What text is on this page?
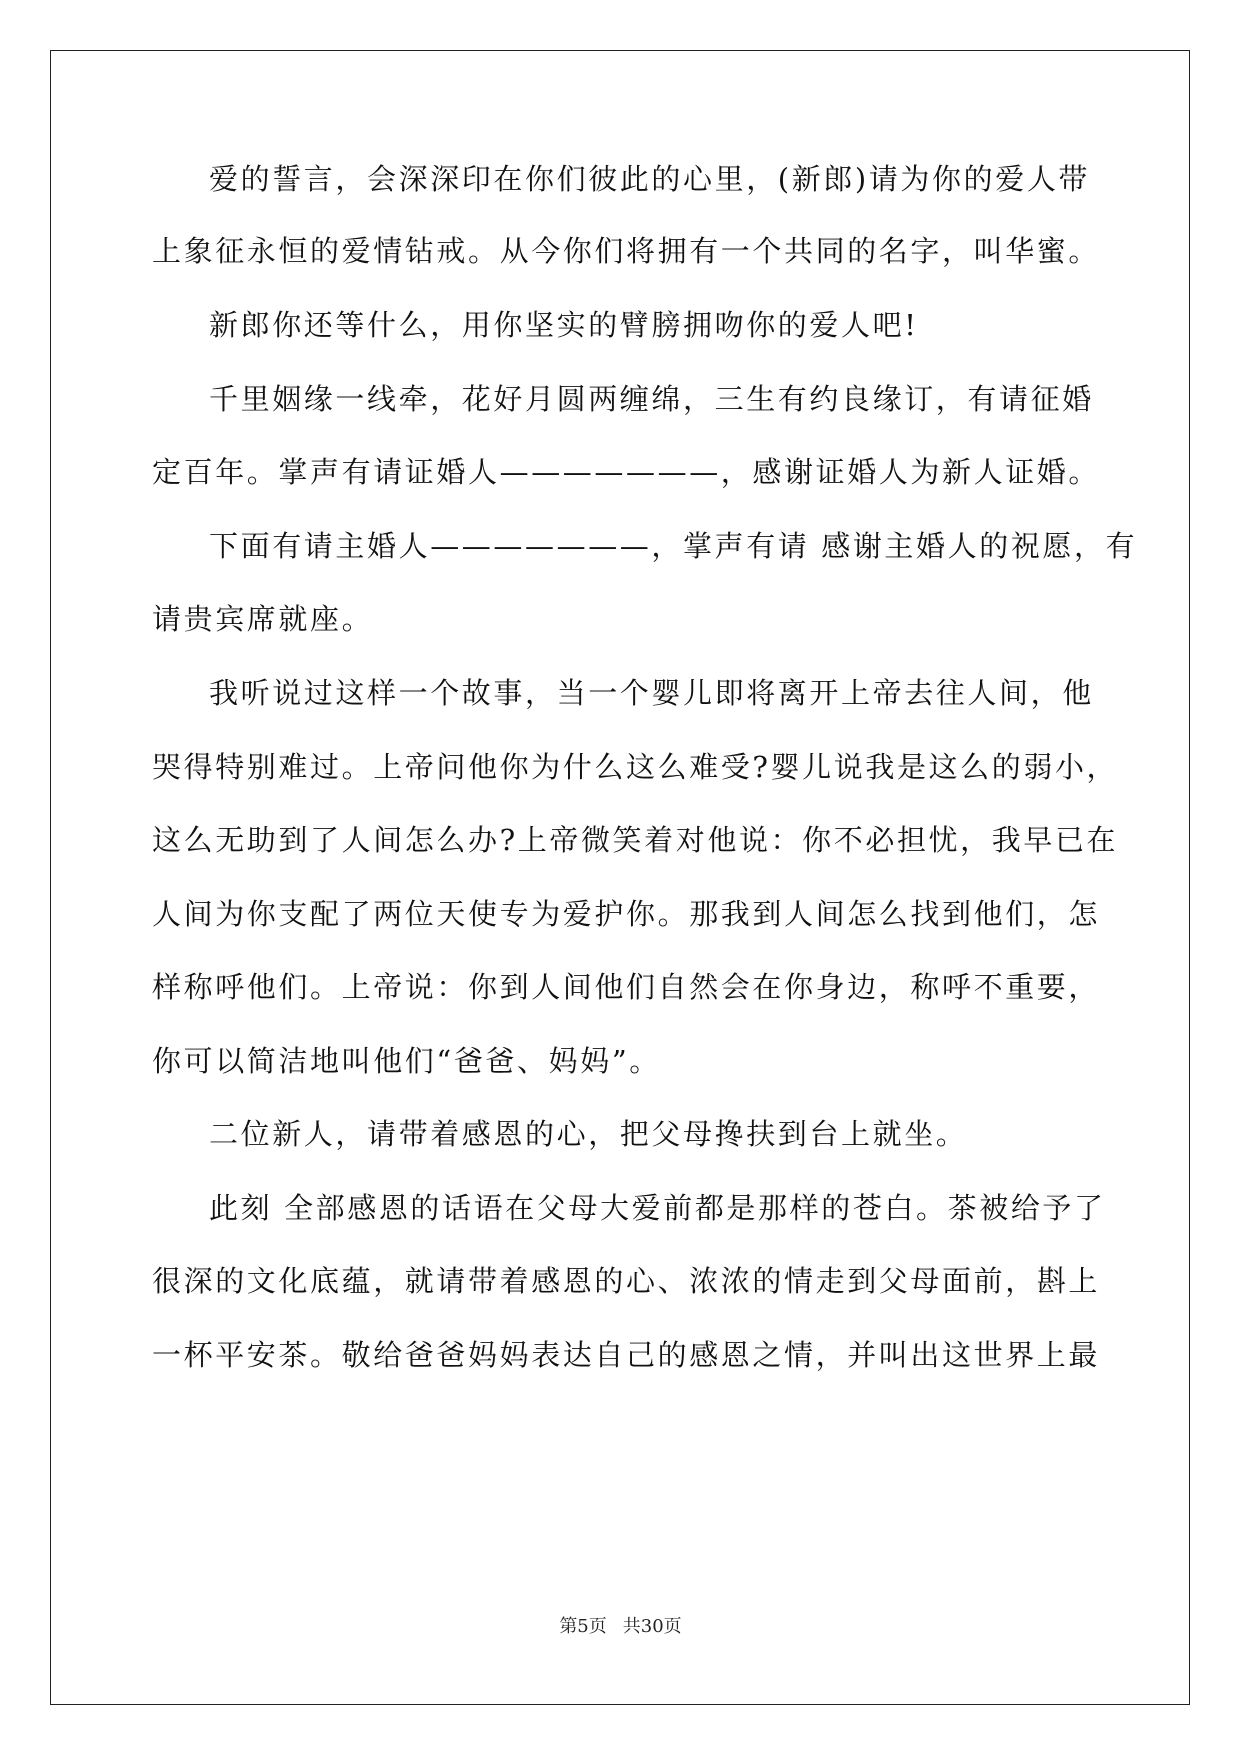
爱的誓言，会深深印在你们彼此的心里，(新郎)请为你的爱人带
上象征永恒的爱情钻戒。从今你们将拥有一个共同的名字，叫华蜜。
新郎你还等什么，用你坚实的臂膀拥吻你的爱人吧!
千里姻缘一线牵，花好月圆两缠绵，三生有约良缘订，有请征婚
定百年。掌声有请证婚人———————，感谢证婚人为新人证婚。
下面有请主婚人———————，掌声有请 感谢主婚人的祝愿，有
请贵宾席就座。
我听说过这样一个故事，当一个婴儿即将离开上帝去往人间，他
哭得特别难过。上帝问他你为什么这么难受?婴儿说我是这么的弱小，
这么无助到了人间怎么办?上帝微笑着对他说：你不必担忧，我早已在
人间为你支配了两位天使专为爱护你。那我到人间怎么找到他们，怎
样称呼他们。上帝说：你到人间他们自然会在你身边，称呼不重要，
你可以简洁地叫他们“爸爸、妈妈”。
二位新人，请带着感恩的心，把父母搀扶到台上就坐。
此刻 全部感恩的话语在父母大爱前都是那样的苍白。茶被给予了
很深的文化底蕴，就请带着感恩的心、浓浓的情走到父母面前，斟上
一杯平安茶。敬给爸爸妈妈表达自己的感恩之情，并叫出这世界上最
第5页 共30页
